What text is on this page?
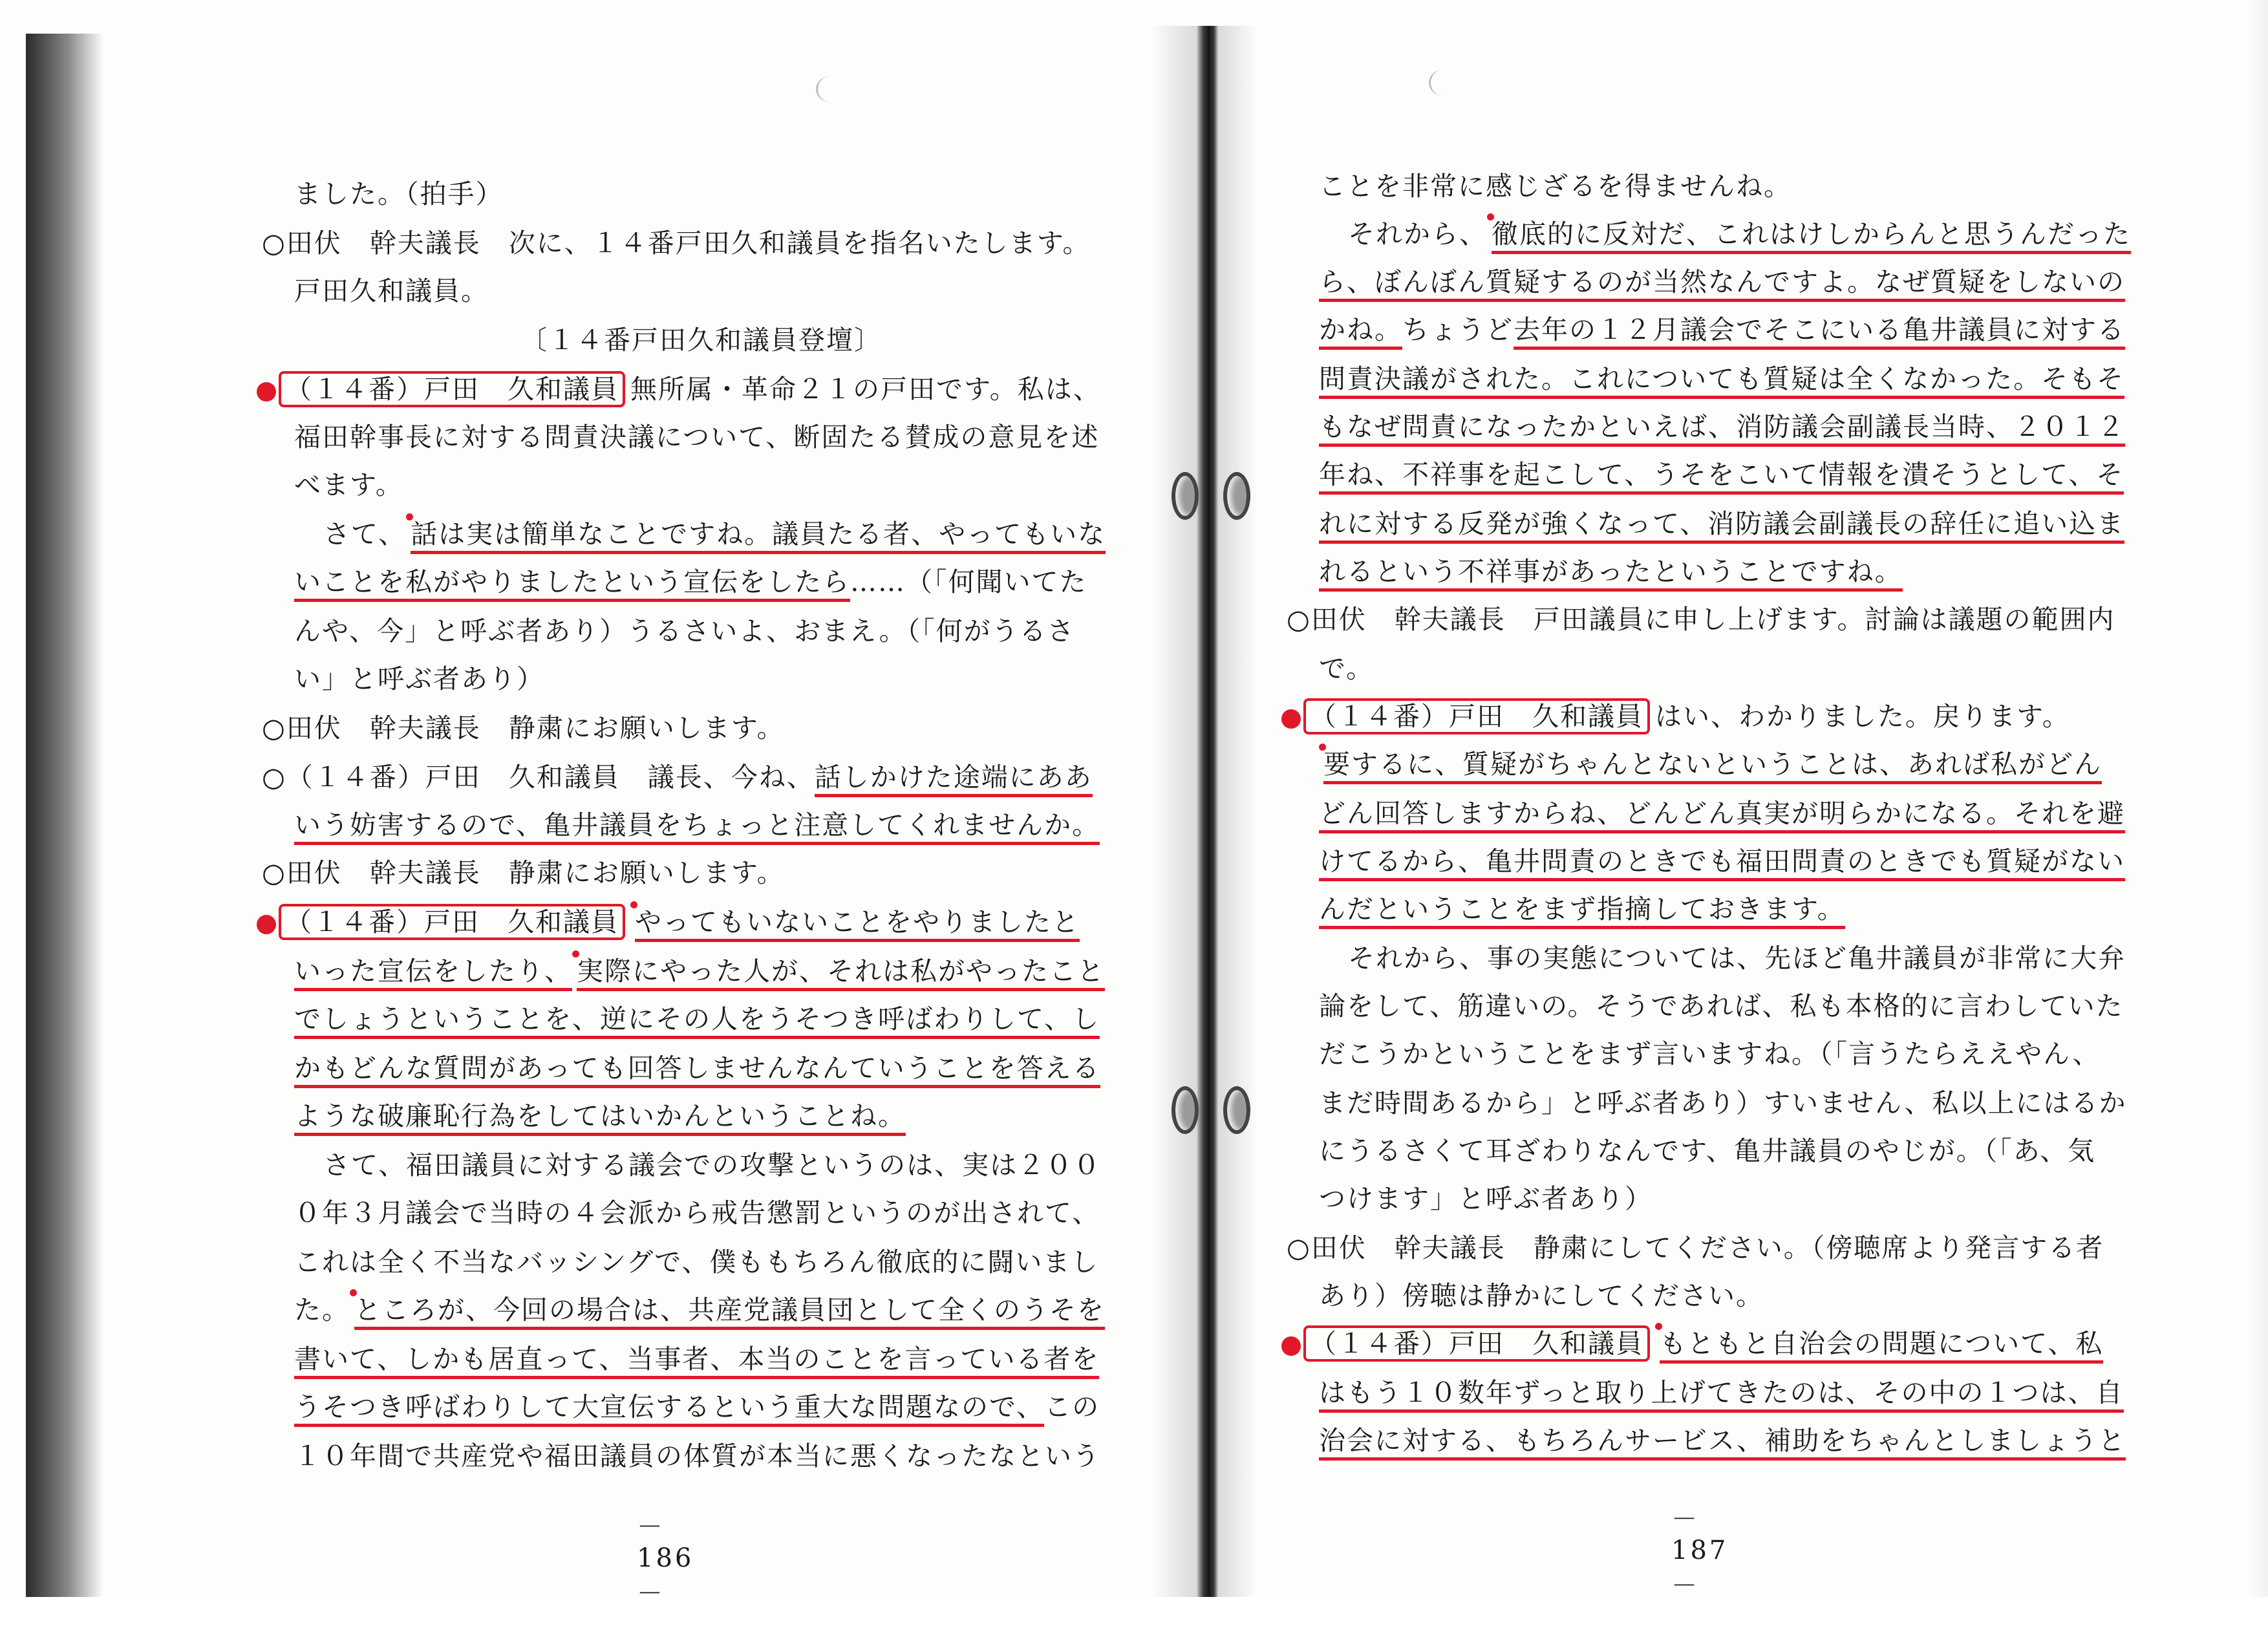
ました。（拍手）
○田伏　幹夫議長　次に、１４番戸田久和議員を指名いたします。
戸田久和議員。
〔１４番戸田久和議員登壇〕
（１４番）戸田　久和議員 無所属・革命２１の戸田です。私は、
福田幹事長に対する問責決議について、断固たる賛成の意見を述
べます。
さて、 話は実は簡単なことですね。議員たる者、やってもいな
いことを私がやりましたという宣伝をしたら……（「何聞いてた
んや、今」と呼ぶ者あり）うるさいよ、おまえ。（「何がうるさ
い」と呼ぶ者あり）
○田伏　幹夫議長　静粛にお願いします。
○（１４番）戸田　久和議員　議長、今ね、話しかけた途端にああ
いう妨害するので、亀井議員をちょっと注意してくれませんか。
○田伏　幹夫議長　静粛にお願いします。
（１４番）戸田　久和議員 やってもいないことをやりましたと
いった宣伝をしたり、 実際にやった人が、それは私がやったこと
でしょうということを、逆にその人をうそつき呼ばわりして、し
かもどんな質問があっても回答しませんなんていうことを答える
ような破廉恥行為をしてはいかんということね。
さて、福田議員に対する議会での攻撃というのは、実は２００
０年３月議会で当時の４会派から戒告懲罰というのが出されて、
これは全く不当なバッシングで、僕ももちろん徹底的に闘いまし
た。 ところが、今回の場合は、共産党議員団として全くのうそを
書いて、しかも居直って、当事者、本当のことを言っている者を
うそつき呼ばわりして大宣伝するという重大な問題なので、この
１０年間で共産党や福田議員の体質が本当に悪くなったなという
－ 186 －
ことを非常に感じざるを得ませんね。
それから、 徹底的に反対だ、これはけしからんと思うんだった
ら、ぼんぼん質疑するのが当然なんですよ。なぜ質疑をしないの
かね。ちょうど去年の１２月議会でそこにいる亀井議員に対する
問責決議がされた。これについても質疑は全くなかった。そもそ
もなぜ問責になったかといえば、消防議会副議長当時、２０１２
年ね、不祥事を起こして、うそをこいて情報を潰そうとして、そ
れに対する反発が強くなって、消防議会副議長の辞任に追い込ま
れるという不祥事があったということですね。
○田伏　幹夫議長　戸田議員に申し上げます。討論は議題の範囲内
で。
（１４番）戸田　久和議員 はい、わかりました。戻ります。
要するに、質疑がちゃんとないということは、あれば私がどん
どん回答しますからね、どんどん真実が明らかになる。それを避
けてるから、亀井問責のときでも福田問責のときでも質疑がない
んだということをまず指摘しておきます。
それから、事の実態については、先ほど亀井議員が非常に大弁
論をして、筋違いの。そうであれば、私も本格的に言わしていた
だこうかということをまず言いますね。（「言うたらええやん、
まだ時間あるから」と呼ぶ者あり）すいません、私以上にはるか
にうるさくて耳ざわりなんです、亀井議員のやじが。（「あ、気
つけます」と呼ぶ者あり）
○田伏　幹夫議長　静粛にしてください。（傍聴席より発言する者
あり）傍聴は静かにしてください。
（１４番）戸田　久和議員 もともと自治会の問題について、私
はもう１０数年ずっと取り上げてきたのは、その中の１つは、自
治会に対する、もちろんサービス、補助をちゃんとしましょうと
－ 187 －
